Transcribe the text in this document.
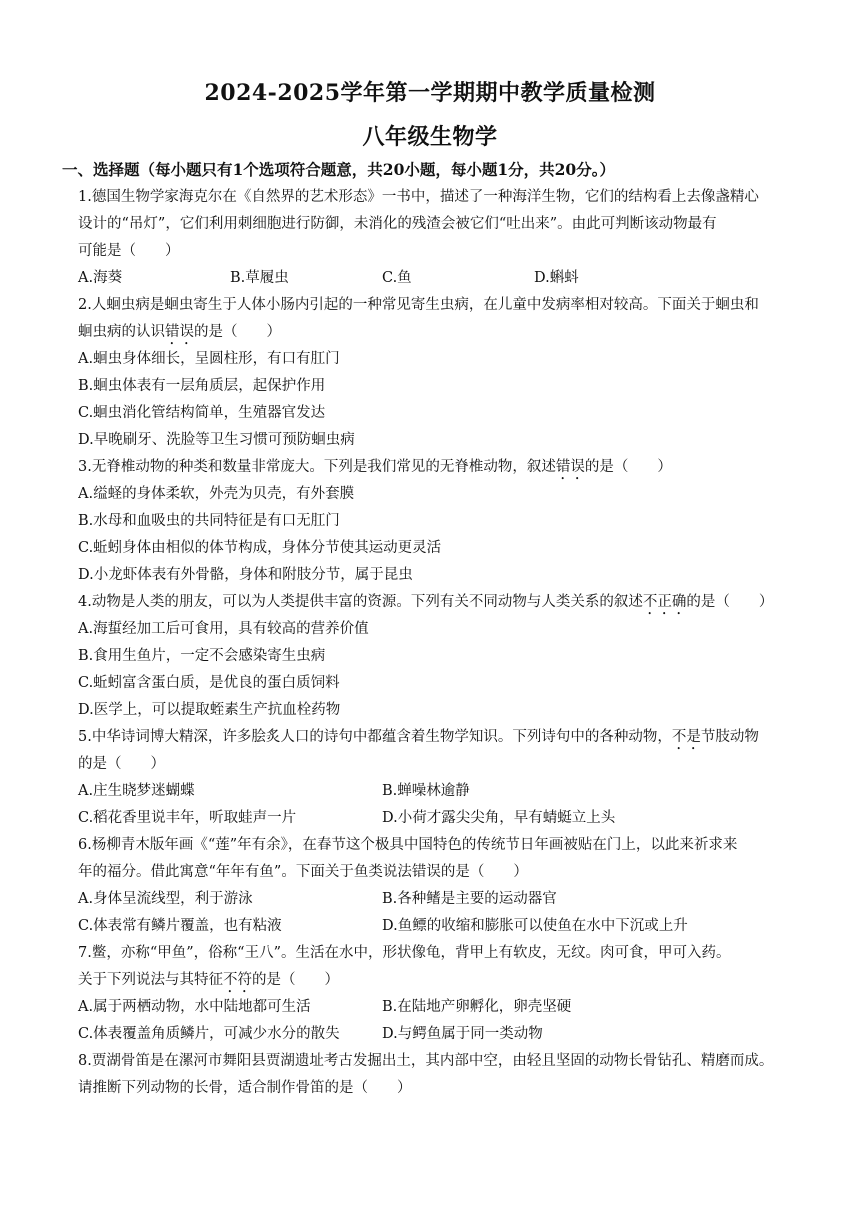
2024-2025学年第一学期期中教学质量检测
八年级生物学
一、选择题（每小题只有1个选项符合题意，共20小题，每小题1分，共20分。）
1.德国生物学家海克尔在《自然界的艺术形态》一书中，描述了一种海洋生物，它们的结构看上去像盏精心
设计的“吊灯”，它们利用刺细胞进行防御，未消化的残渣会被它们“吐出来”。由此可判断该动物最有
可能是（　　）
A.海葵	B.草履虫	C.鱼	D.蝌蚪
2.人蛔虫病是蛔虫寄生于人体小肠内引起的一种常见寄生虫病，在儿童中发病率相对较高。下面关于蛔虫和
蛔虫病的认识错误的是（　　）
A.蛔虫身体细长，呈圆柱形，有口有肛门
B.蛔虫体表有一层角质层，起保护作用
C.蛔虫消化管结构简单，生殖器官发达
D.早晚刷牙、洗脸等卫生习惯可预防蛔虫病
3.无脊椎动物的种类和数量非常庞大。下列是我们常见的无脊椎动物，叙述错误的是（　　）
A.缢蛏的身体柔软，外壳为贝壳，有外套膜
B.水母和血吸虫的共同特征是有口无肛门
C.蚯蚓身体由相似的体节构成，身体分节使其运动更灵活
D.小龙虾体表有外骨骼，身体和附肢分节，属于昆虫
4.动物是人类的朋友，可以为人类提供丰富的资源。下列有关不同动物与人类关系的叙述不正确的是（　　）
A.海蜇经加工后可食用，具有较高的营养价值
B.食用生鱼片，一定不会感染寄生虫病
C.蚯蚓富含蛋白质，是优良的蛋白质饲料
D.医学上，可以提取蛭素生产抗血栓药物
5.中华诗词博大精深，许多脍炙人口的诗句中都蕴含着生物学知识。下列诗句中的各种动物，不是节肢动物
的是（　　）
A.庄生晓梦迷蝴蝶	B.蝉噪林逾静
C.稻花香里说丰年，听取蛙声一片	D.小荷才露尖尖角，早有蜻蜓立上头
6.杨柳青木版年画《“莲”年有余》，在春节这个极具中国特色的传统节日年画被贴在门上，以此来祈求来
年的福分。借此寓意“年年有鱼”。下面关于鱼类说法错误的是（　　）
A.身体呈流线型，利于游泳	B.各种鳍是主要的运动器官
C.体表常有鳞片覆盖，也有粘液	D.鱼鳔的收缩和膨胀可以使鱼在水中下沉或上升
7.鳖，亦称“甲鱼”，俗称“王八”。生活在水中，形状像龟，背甲上有软皮，无纹。肉可食，甲可入药。
关于下列说法与其特征不符的是（　　）
A.属于两栖动物，水中陆地都可生活	B.在陆地产卵孵化，卵壳坚硬
C.体表覆盖角质鳞片，可减少水分的散失	D.与鳄鱼属于同一类动物
8.贾湖骨笛是在漯河市舞阳县贾湖遗址考古发掘出土，其内部中空，由轻且坚固的动物长骨钻孔、精磨而成。
请推断下列动物的长骨，适合制作骨笛的是（　　）
